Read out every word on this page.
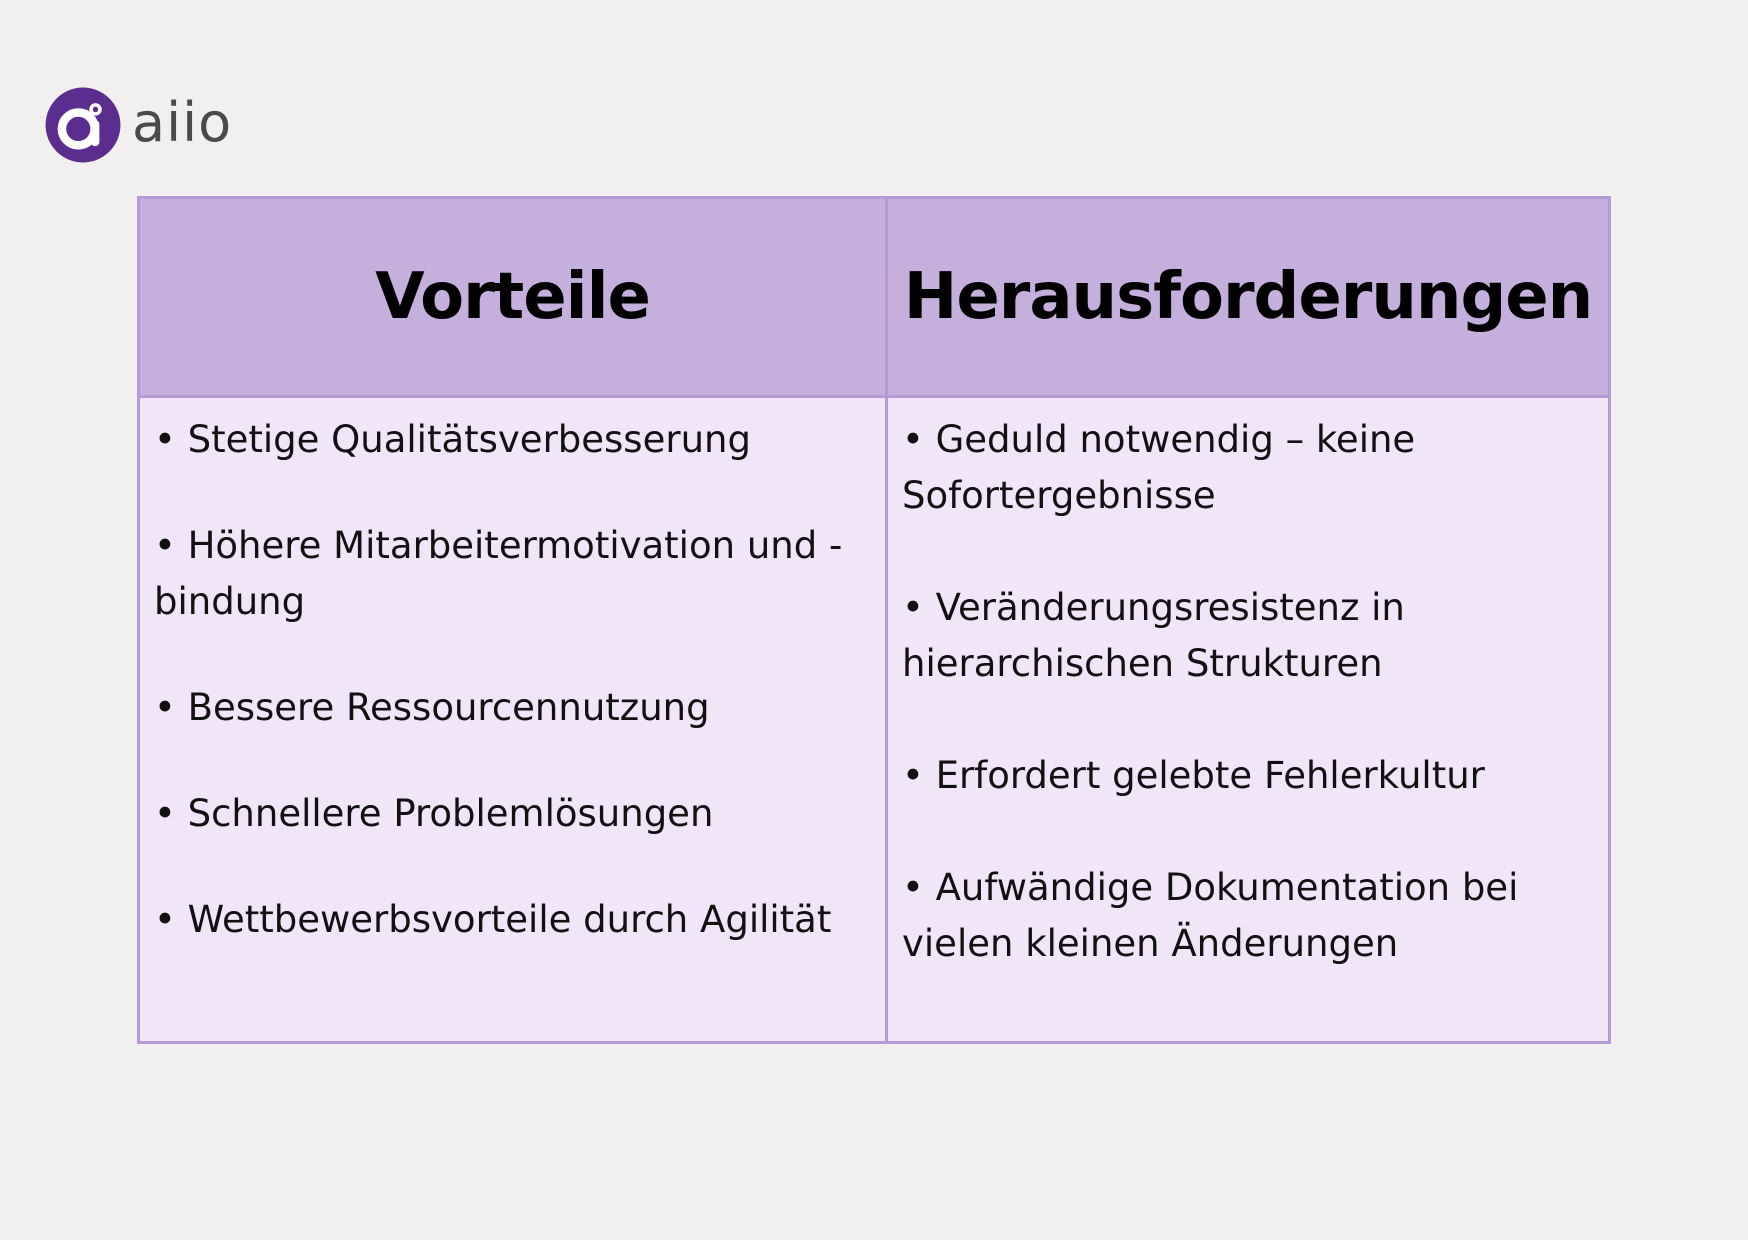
aiio
Vorteile	Herausforderungen

• Stetige Qualitätsverbesserung

• Höhere Mitarbeitermotivation und -bindung

• Bessere Ressourcennutzung

• Schnellere Problemlösungen

• Wettbewerbsvorteile durch Agilität

• Geduld notwendig – keine Sofortergebnisse

• Veränderungsresistenz in hierarchischen Strukturen

• Erfordert gelebte Fehlerkultur

• Aufwändige Dokumentation bei vielen kleinen Änderungen
